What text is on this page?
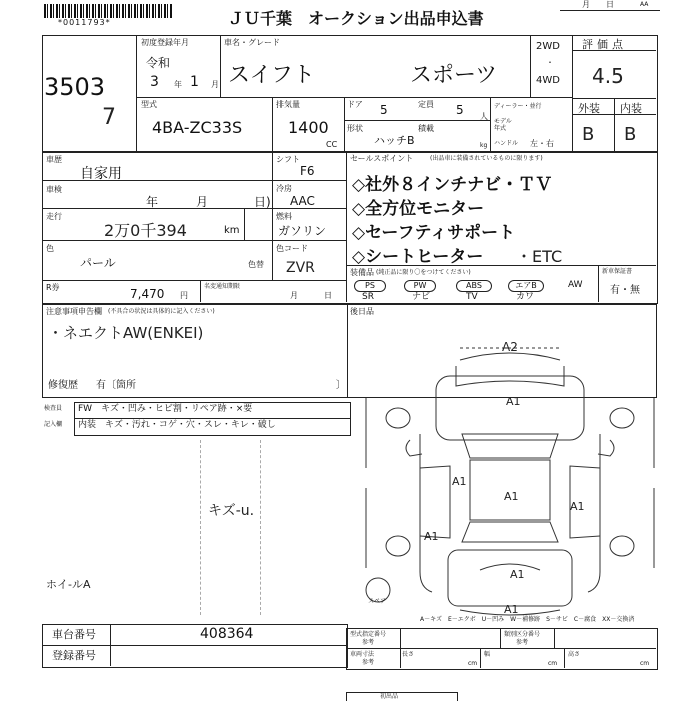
*0011793*	ＪＵ千葉　オークション出品申込書
月　　日	AA
3503
7
初度登録年月
令和
3 年 1 月
車名・グレード
スイフト	スポーツ
2WD
・
4WD
評価点
4.5
外装 内装
B B
型式
4BA-ZC33S
排気量
1400
CC
ドア 5	定員 5 人
形状
ハッチB
積載
kg
ディーラー・並行
モデル年式
ハンドル 左・右
車歴
自家用
車検
年	月	日)
走行
2万0千394	km
色
パール	色替
シフト
F6
冷房
AAC
燃料
ガソリン
色コード
ZVR
セールスポイント	(出品車に装備されているものに限ります)
◇社外８インチナビ・ＴＶ
◇全方位モニター
◇セーフティサポート
◇シートヒーター ・ETC
装備品 (純正品に限り〇をつけてください)
PS	PW	ABS	エアB	AW
SR	ナビ	TV	カワ
新車保証書
有・無
R券	7,470 円
名変通知期限
月	日
注意事項申告欄 (不具合の状況は具体的に記入ください)
・ネエクトAW(ENKEI)
修復歴 有〔箇所	〕
後日品
検査員
記入欄
FW　キズ・凹み・ヒビ割・リペア跡・×要
内装　キズ・汚れ・コゲ・穴・スレ・キレ・破し
キズ-u.
ホイ-ルA
A2
A1
A1
A1
A1
A1
A1
A1
スペア
A－キズ　E－エクボ　U－凹み　W－補修跡　S－サビ　C－腐食　XX－交換済
車台番号	408364
登録番号
型式指定番号
参考
類別区分番号
参考
車両寸法
参考
長さ
cm
幅
cm
高さ
cm
初出品
